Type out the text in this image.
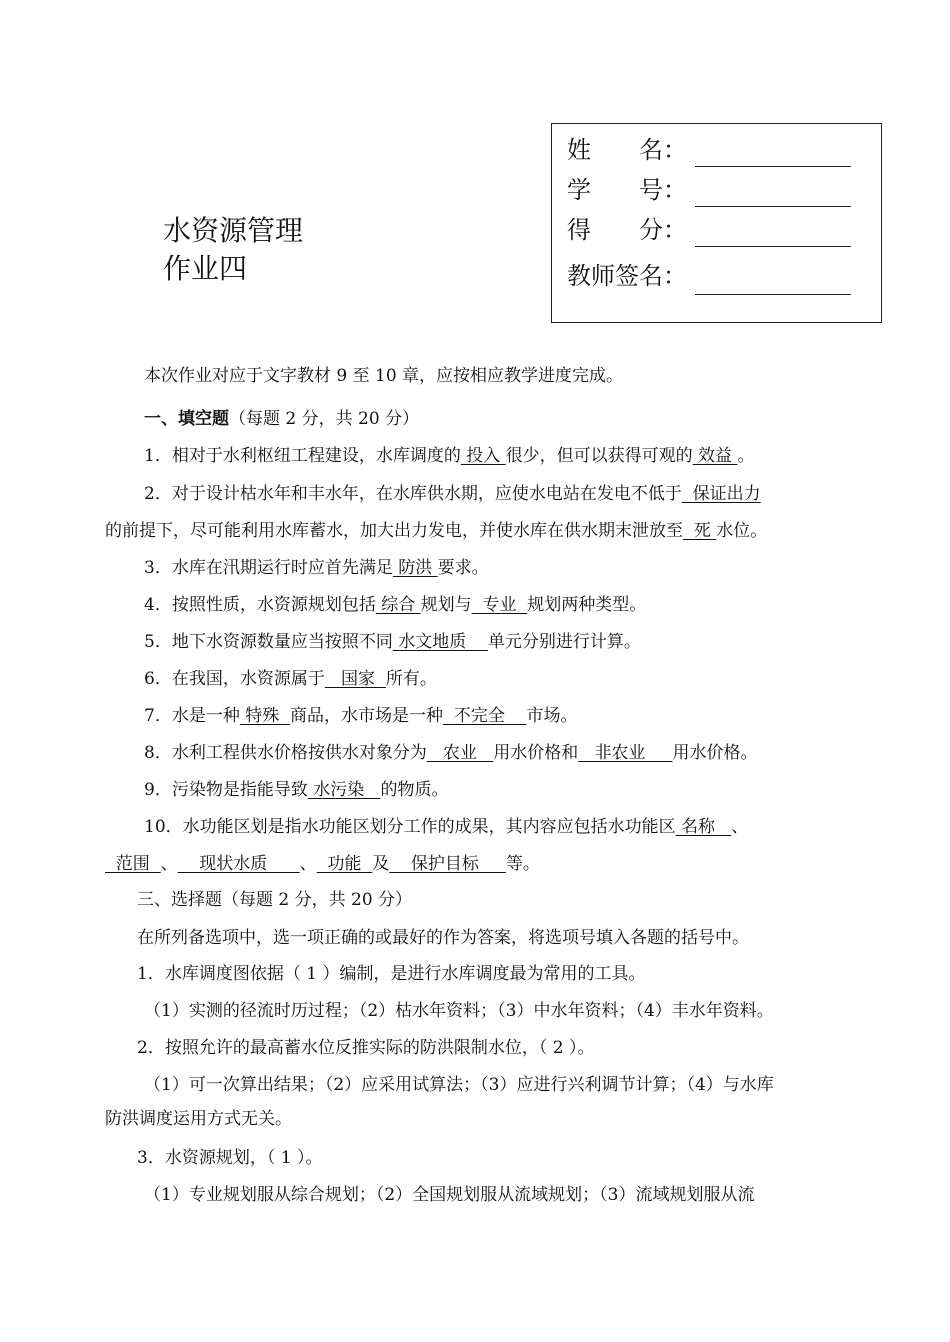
水资源管理
作业四
姓　　名：
学　　号：
得　　分：
教师签名：
本次作业对应于文字教材 9 至 10 章，应按相应教学进度完成。
一、填空题（每题 2 分，共 20 分）
1．相对于水利枢纽工程建设，水库调度的 投入 很少，但可以获得可观的 效益 。
2．对于设计枯水年和丰水年，在水库供水期，应使水电站在发电不低于  保证出力
的前提下，尽可能利用水库蓄水，加大出力发电，并使水库在供水期末泄放至  死 水位。
3．水库在汛期运行时应首先满足 防洪 要求。
4．按照性质，水资源规划包括 综合 规划与  专业  规划两种类型。
5．地下水资源数量应当按照不同 水文地质    单元分别进行计算。
6．在我国，水资源属于   国家  所有。
7．水是一种 特殊  商品，水市场是一种  不完全    市场。
8．水利工程供水价格按供水对象分为   农业   用水价格和   非农业     用水价格。
9．污染物是指能导致 水污染   的物质。
10．水功能区划是指水功能区划分工作的成果，其内容应包括水功能区 名称   、
范围  、    现状水质      、  功能  及    保护目标     等。
三、选择题（每题 2 分，共 20 分）
在所列备选项中，选一项正确的或最好的作为答案，将选项号填入各题的括号中。
1．水库调度图依据（ 1 ）编制，是进行水库调度最为常用的工具。
（1）实测的径流时历过程；（2）枯水年资料；（3）中水年资料；（4）丰水年资料。
2．按照允许的最高蓄水位反推实际的防洪限制水位，（ 2 ）。
（1）可一次算出结果；（2）应采用试算法；（3）应进行兴利调节计算；（4）与水库
防洪调度运用方式无关。
3．水资源规划，（ 1 ）。
（1）专业规划服从综合规划；（2）全国规划服从流域规划；（3）流域规划服从流
